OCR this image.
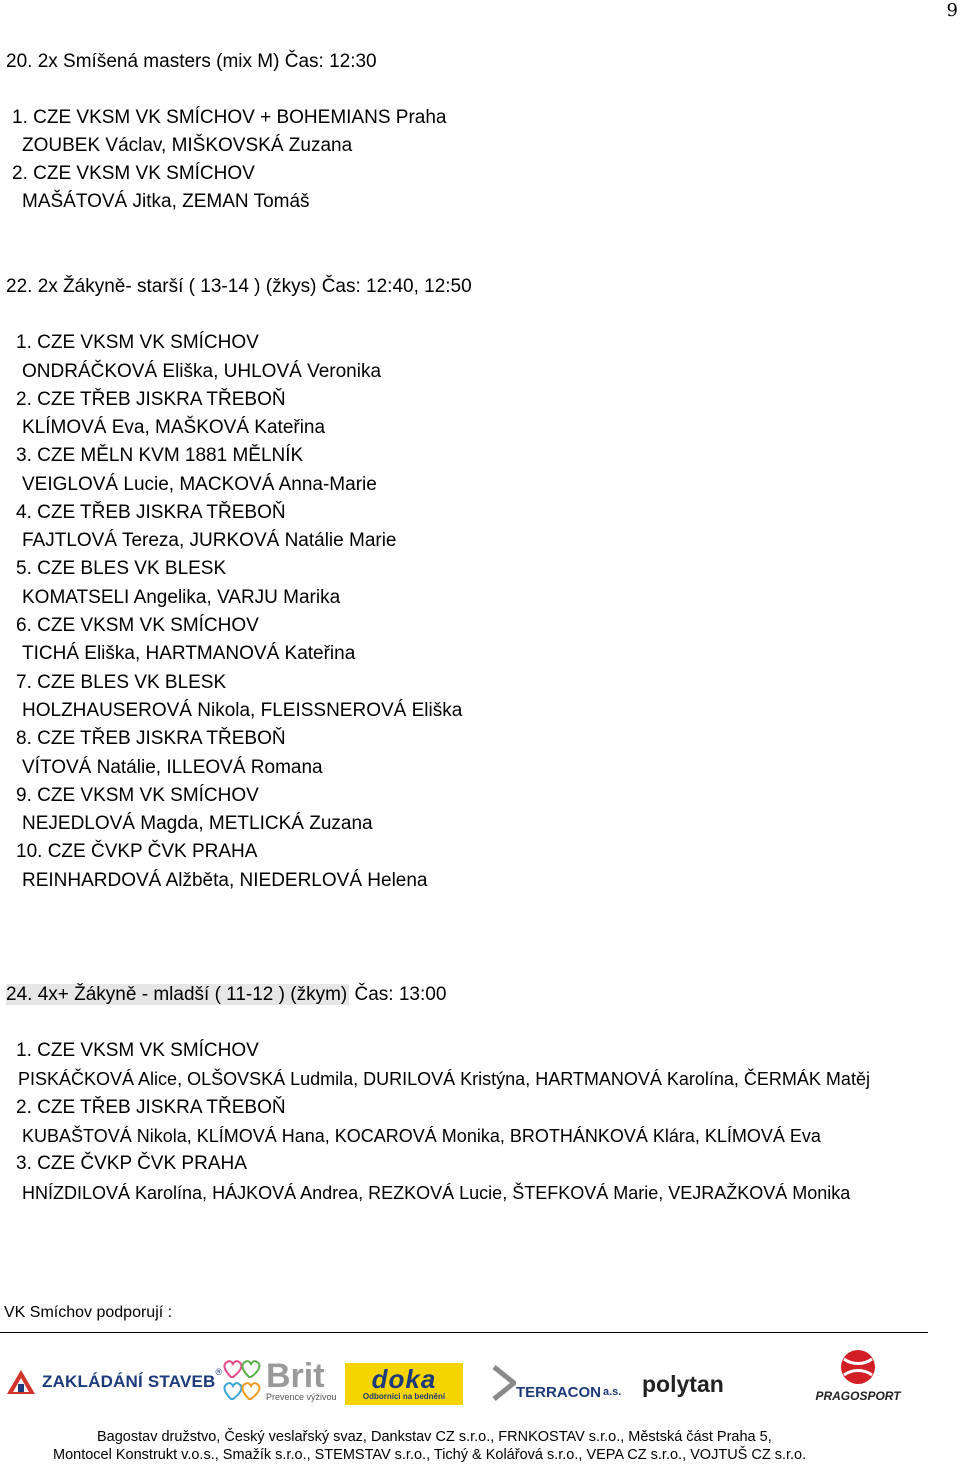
9
20. 2x Smíšená masters (mix M) Čas: 12:30
1. CZE VKSM VK SMÍCHOV + BOHEMIANS Praha
ZOUBEK Václav, MIŠKOVSKÁ Zuzana
2. CZE VKSM VK SMÍCHOV
MAŠÁTOVÁ Jitka, ZEMAN Tomáš
22. 2x Žákyně- starší ( 13-14 ) (žkys) Čas: 12:40, 12:50
1. CZE VKSM VK SMÍCHOV
ONDRÁČKOVÁ Eliška, UHLOVÁ Veronika
2. CZE TŘEB JISKRA TŘEBOŇ
KLÍMOVÁ Eva, MAŠKOVÁ Kateřina
3. CZE MĚLN KVM 1881 MĚLNÍK
VEIGLOVÁ Lucie, MACKOVÁ Anna-Marie
4. CZE TŘEB JISKRA TŘEBOŇ
FAJTLOVÁ Tereza, JURKOVÁ Natálie Marie
5. CZE BLES VK BLESK
KOMATSELI Angelika, VARJU Marika
6. CZE VKSM VK SMÍCHOV
TICHÁ Eliška, HARTMANOVÁ Kateřina
7. CZE BLES VK BLESK
HOLZHAUSEROVÁ Nikola, FLEISSNEROVÁ Eliška
8. CZE TŘEB JISKRA TŘEBOŇ
VÍTOVÁ Natálie, ILLEOVÁ Romana
9. CZE VKSM VK SMÍCHOV
NEJEDLOVÁ Magda, METLICKÁ Zuzana
10. CZE ČVKP ČVK PRAHA
REINHARDOVÁ Alžběta, NIEDERLOVÁ Helena
24. 4x+ Žákyně - mladší ( 11-12 ) (žkym) Čas: 13:00
1. CZE VKSM VK SMÍCHOV
PISKÁČKOVÁ Alice, OLŠOVSKÁ Ludmila, DURILOVÁ Kristýna, HARTMANOVÁ Karolína, ČERMÁK Matěj
2. CZE TŘEB JISKRA TŘEBOŇ
KUBAŠTOVÁ Nikola, KLÍMOVÁ Hana, KOCAROVÁ Monika, BROTHÁNKOVÁ Klára, KLÍMOVÁ Eva
3. CZE ČVKP ČVK PRAHA
HNÍZDILOVÁ Karolína, HÁJKOVÁ Andrea, REZKOVÁ Lucie, ŠTEFKOVÁ Marie, VEJRAŽKOVÁ Monika
VK Smíchov podporují :
ZAKLÁDÁNÍ STAVEB ® Brit
Prevence výživou
doka
Odborníci na bednění	TERRACON a.s. polytan	PRAGOSPORT
Bagostav družstvo, Český veslařský svaz, Dankstav CZ s.r.o., FRNKOSTAV s.r.o., Městská část Praha 5,
Montocel Konstrukt v.o.s., Smažík s.r.o., STEMSTAV s.r.o., Tichý & Kolářová s.r.o., VEPA CZ s.r.o., VOJTUŠ CZ s.r.o.
